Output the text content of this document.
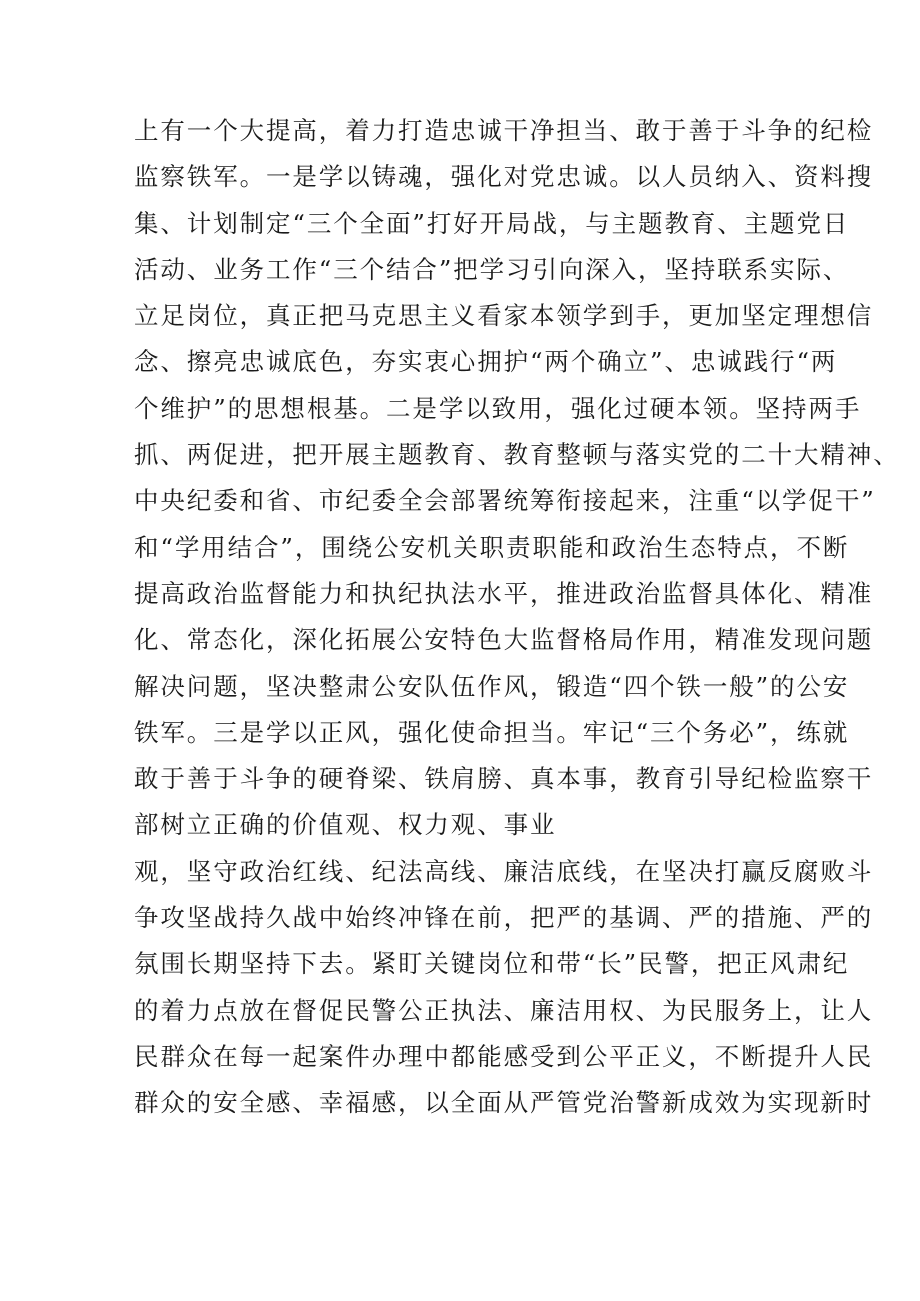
上有一个大提高，着力打造忠诚干净担当、敢于善于斗争的纪检
监察铁军。一是学以铸魂，强化对党忠诚。以人员纳入、资料搜
集、计划制定“三个全面”打好开局战，与主题教育、主题党日
活动、业务工作“三个结合”把学习引向深入，坚持联系实际、
立足岗位，真正把马克思主义看家本领学到手，更加坚定理想信
念、擦亮忠诚底色，夯实衷心拥护“两个确立”、忠诚践行“两
个维护”的思想根基。二是学以致用，强化过硬本领。坚持两手
抓、两促进，把开展主题教育、教育整顿与落实党的二十大精神、
中央纪委和省、市纪委全会部署统筹衔接起来，注重“以学促干”
和“学用结合”，围绕公安机关职责职能和政治生态特点，不断
提高政治监督能力和执纪执法水平，推进政治监督具体化、精准
化、常态化，深化拓展公安特色大监督格局作用，精准发现问题
解决问题，坚决整肃公安队伍作风，锻造“四个铁一般”的公安
铁军。三是学以正风，强化使命担当。牢记“三个务必”，练就
敢于善于斗争的硬脊梁、铁肩膀、真本事，教育引导纪检监察干
部树立正确的价值观、权力观、事业
观，坚守政治红线、纪法高线、廉洁底线，在坚决打赢反腐败斗
争攻坚战持久战中始终冲锋在前，把严的基调、严的措施、严的
氛围长期坚持下去。紧盯关键岗位和带“长”民警，把正风肃纪
的着力点放在督促民警公正执法、廉洁用权、为民服务上，让人
民群众在每一起案件办理中都能感受到公平正义，不断提升人民
群众的安全感、幸福感，以全面从严管党治警新成效为实现新时
